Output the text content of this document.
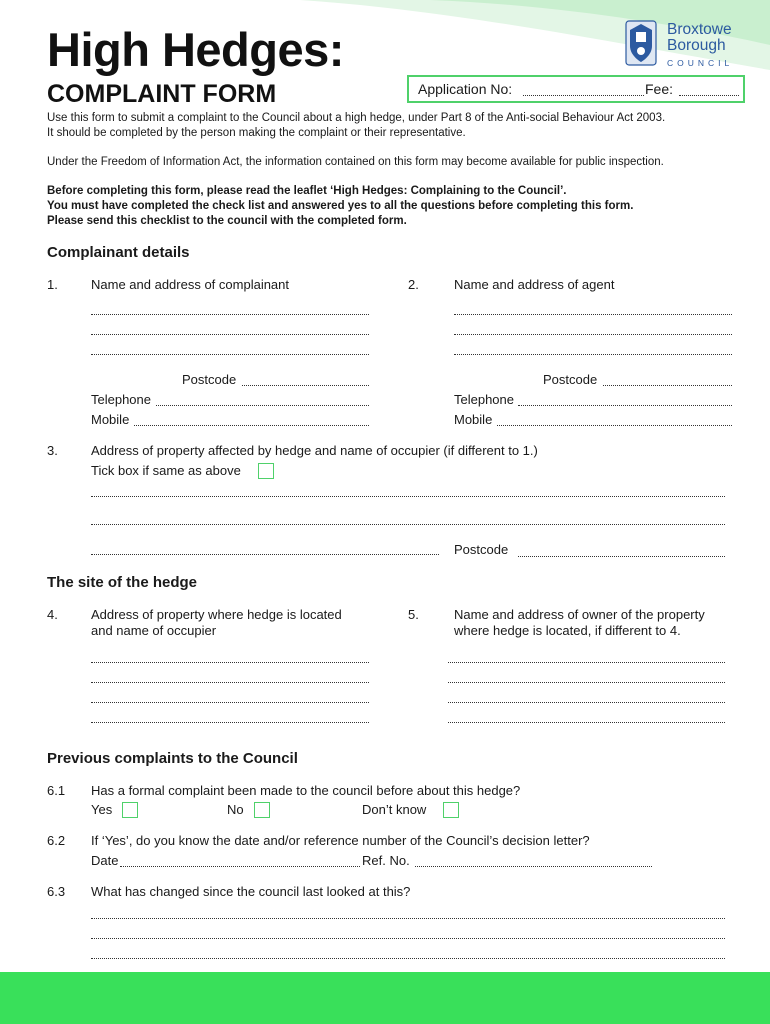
High Hedges:
COMPLAINT FORM
Broxtowe
Borough
COUNCIL
Application No:	Fee:
Use this form to submit a complaint to the Council about a high hedge, under Part 8 of the Anti-social Behaviour Act 2003.
It should be completed by the person making the complaint or their representative.
Under the Freedom of Information Act, the information contained on this form may become available for public inspection.
Before completing this form, please read the leaflet ‘High Hedges: Complaining to the Council’.
You must have completed the check list and answered yes to all the questions before completing this form.
Please send this checklist to the council with the completed form.
Complainant details
1.	Name and address of complainant	2.	Name and address of agent
Postcode
Telephone
Mobile
Postcode
Telephone
Mobile
3.	Address of property affected by hedge and name of occupier (if different to 1.)
Tick box if same as above
Postcode
The site of the hedge
4.	Address of property where hedge is located
and name of occupier
5.	Name and address of owner of the property
where hedge is located, if different to 4.
Previous complaints to the Council
6.1 Has a formal complaint been made to the council before about this hedge?
Yes	No	Don’t know
6.2 If ‘Yes’, do you know the date and/or reference number of the Council’s decision letter?
Date	Ref. No.
6.3 What has changed since the council last looked at this?
